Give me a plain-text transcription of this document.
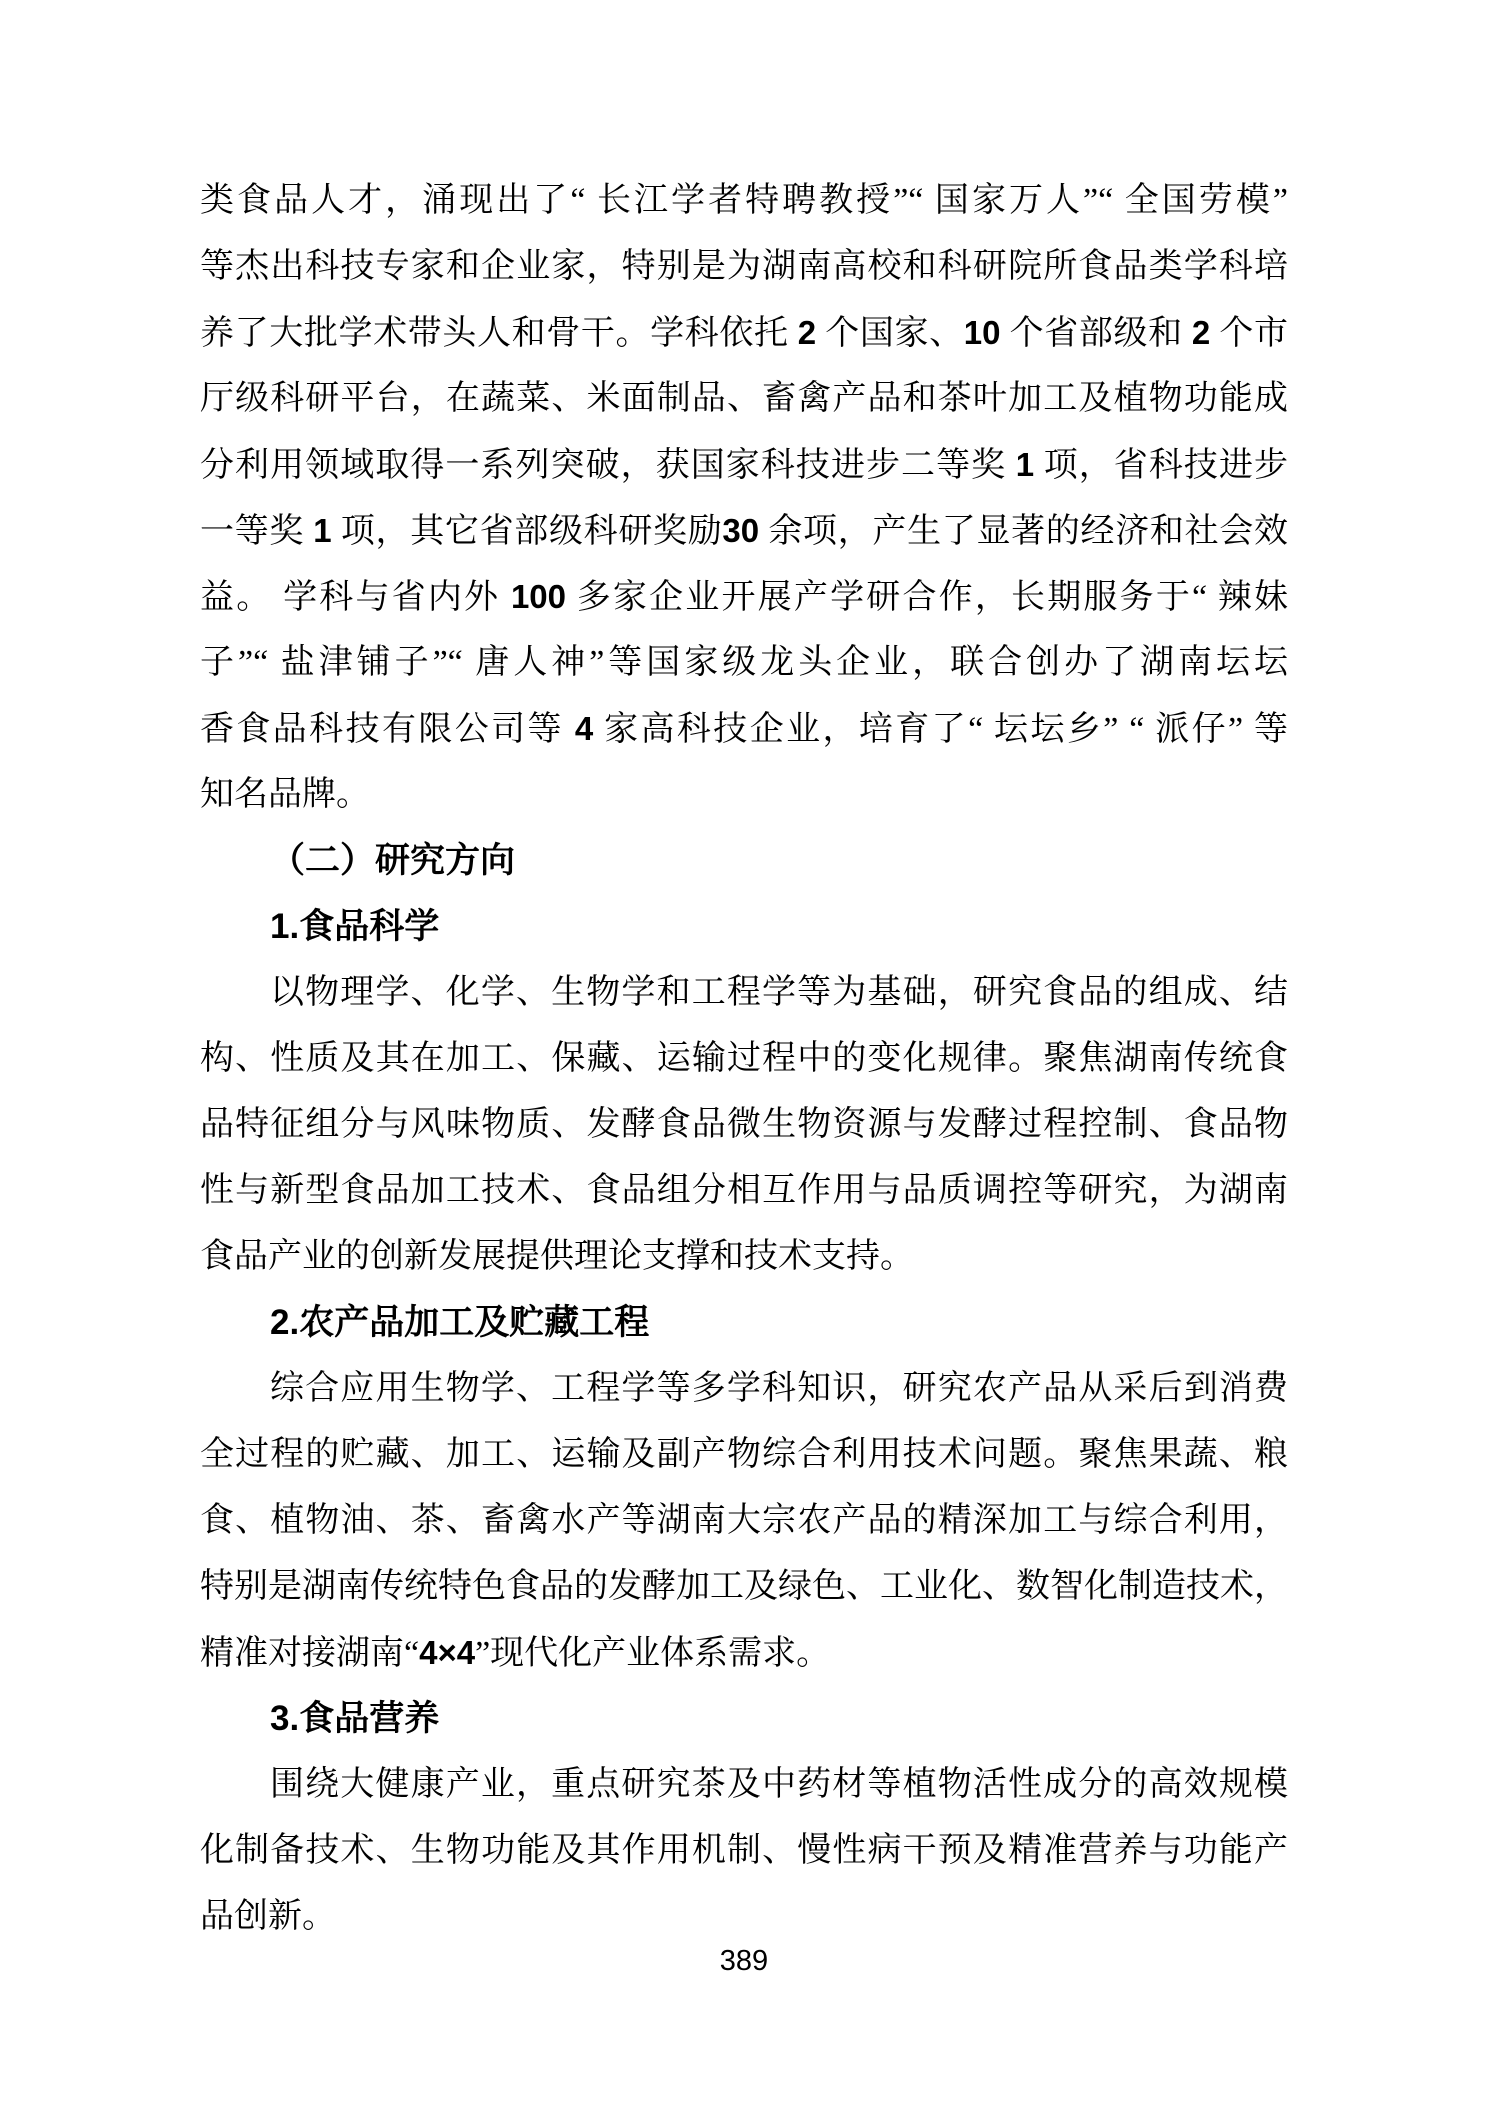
类食品人才，涌现出了“ 长江学者特聘教授”“ 国家万人”“ 全国劳模”
等杰出科技专家和企业家，特别是为湖南高校和科研院所食品类学科培
养了大批学术带头人和骨干。学科依托 2 个国家、10 个省部级和 2 个市
厅级科研平台，在蔬菜、米面制品、畜禽产品和茶叶加工及植物功能成
分利用领域取得一系列突破，获国家科技进步二等奖 1 项，省科技进步
一等奖 1 项，其它省部级科研奖励30 余项，产生了显著的经济和社会效
益。 学科与省内外 100 多家企业开展产学研合作，长期服务于“ 辣妹
子”“ 盐津铺子”“ 唐人神”等国家级龙头企业，联合创办了湖南坛坛
香食品科技有限公司等 4 家高科技企业，培育了“ 坛坛乡” “ 派仔” 等
知名品牌。
（二）研究方向
1.食品科学
以物理学、化学、生物学和工程学等为基础，研究食品的组成、结
构、性质及其在加工、保藏、运输过程中的变化规律。聚焦湖南传统食
品特征组分与风味物质、发酵食品微生物资源与发酵过程控制、食品物
性与新型食品加工技术、食品组分相互作用与品质调控等研究，为湖南
食品产业的创新发展提供理论支撑和技术支持。
2.农产品加工及贮藏工程
综合应用生物学、工程学等多学科知识，研究农产品从采后到消费
全过程的贮藏、加工、运输及副产物综合利用技术问题。聚焦果蔬、粮
食、植物油、茶、畜禽水产等湖南大宗农产品的精深加工与综合利用，
特别是湖南传统特色食品的发酵加工及绿色、工业化、数智化制造技术，
精准对接湖南“4×4”现代化产业体系需求。
3.食品营养
围绕大健康产业，重点研究茶及中药材等植物活性成分的高效规模
化制备技术、生物功能及其作用机制、慢性病干预及精准营养与功能产
品创新。
389
